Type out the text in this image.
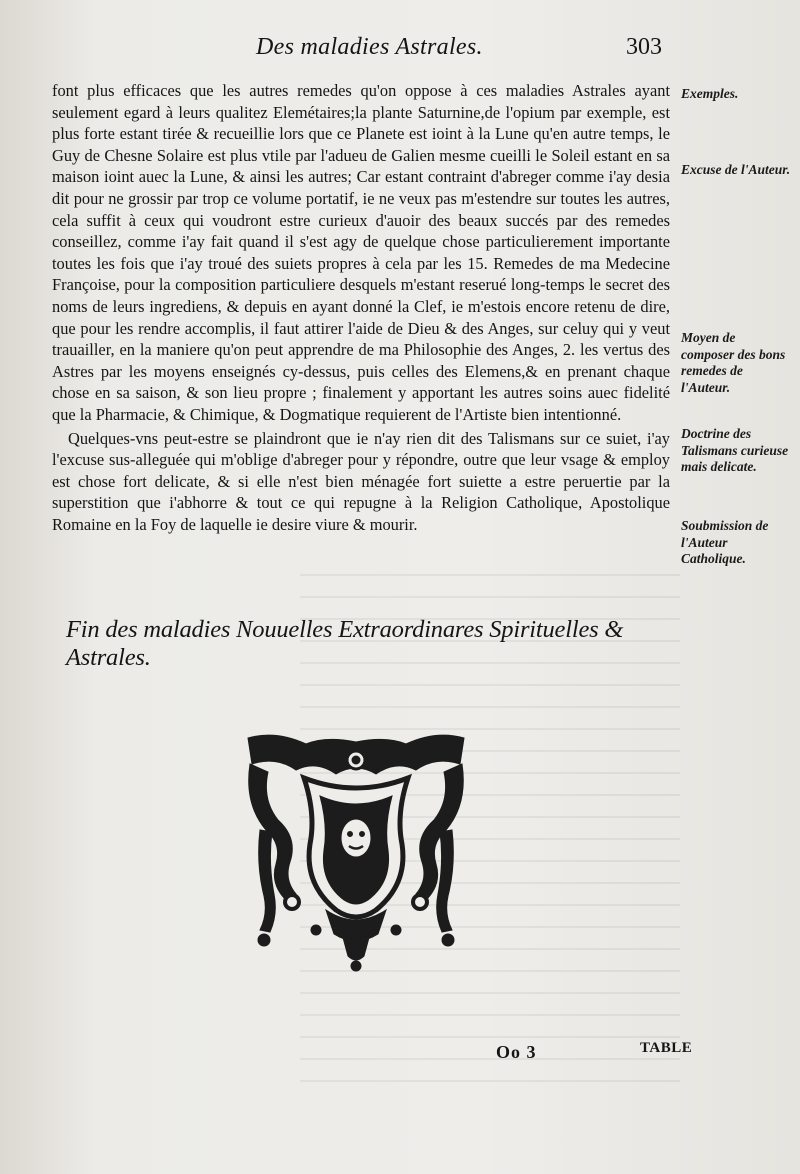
Des maladies Astrales.	303

font plus efficaces que les autres remedes qu'on oppose à ces maladies Astrales ayant seulement egard à leurs qualitez Elemétaires;la plante Saturnine,de l'opium par exemple, est plus forte estant tirée & recueillie lors que ce Planete est ioint à la Lune qu'en autre temps, le Guy de Chesne Solaire est plus vtile par l'adueu de Galien mesme cueilli le Soleil estant en sa maison ioint auec la Lune, & ainsi les autres; Car estant contraint d'abreger comme i'ay desia dit pour ne grossir par trop ce volume portatif, ie ne veux pas m'estendre sur toutes les autres, cela suffit à ceux qui voudront estre curieux d'auoir des beaux succés par des remedes conseillez, comme i'ay fait quand il s'est agy de quelque chose particulierement importante toutes les fois que i'ay troué des suiets propres à cela par les 15. Remedes de ma Medecine Françoise, pour la composition particuliere desquels m'estant reserué long-temps le secret des noms de leurs ingrediens, & depuis en ayant donné la Clef, ie m'estois encore retenu de dire, que pour les rendre accomplis, il faut attirer l'aide de Dieu & des Anges, sur celuy qui y veut trauailler, en la maniere qu'on peut apprendre de ma Philosophie des Anges, 2. les vertus des Astres par les moyens enseignés cy-dessus, puis celles des Elemens,& en prenant chaque chose en sa saison, & son lieu propre ; finalement y apportant les autres soins auec fidelité que la Pharmacie, & Chimique, & Dogmatique requierent de l'Artiste bien intentionné.

Quelques-vns peut-estre se plaindront que ie n'ay rien dit des Talismans sur ce suiet, i'ay l'excuse sus-alleguée qui m'oblige d'abreger pour y répondre, outre que leur vsage & employ est chose fort delicate, & si elle n'est bien ménagée fort suiette a estre peruertie par la superstition que i'abhorre & tout ce qui repugne à la Religion Catholique, Apostolique Romaine en la Foy de laquelle ie desire viure & mourir.

Exemples.
Excuse de l'Auteur.
Moyen de composer des bons remedes de l'Auteur.
Doctrine des Talismans curieuse mais delicate.
Soubmission de l'Auteur Catholique.
Fin des maladies Nouuelles Extraordinares Spirituelles & Astrales.
Oo 3	TABLE
